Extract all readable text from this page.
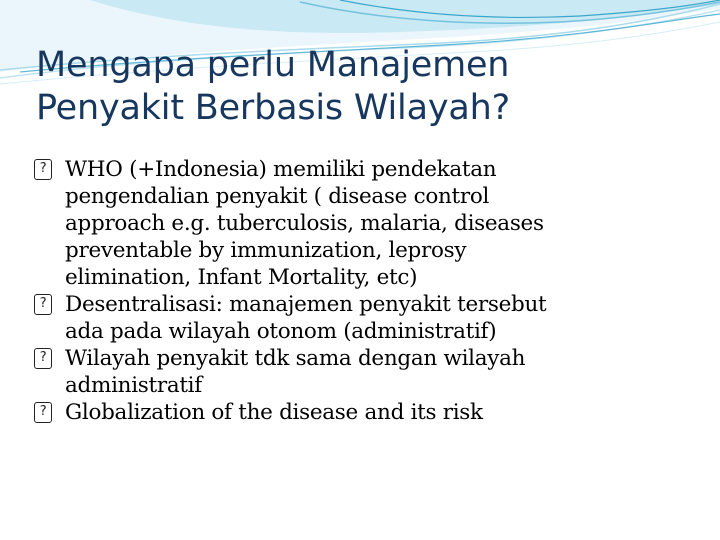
Mengapa perlu Manajemen
Penyakit Berbasis Wilayah?
?
WHO (+Indonesia) memiliki pendekatan
pengendalian penyakit ( disease control
approach e.g. tuberculosis, malaria, diseases
preventable by immunization, leprosy
elimination, Infant Mortality, etc)
?
Desentralisasi: manajemen penyakit tersebut
ada pada wilayah otonom (administratif)
?
Wilayah penyakit tdk sama dengan wilayah
administratif
?
Globalization of the disease and its risk
